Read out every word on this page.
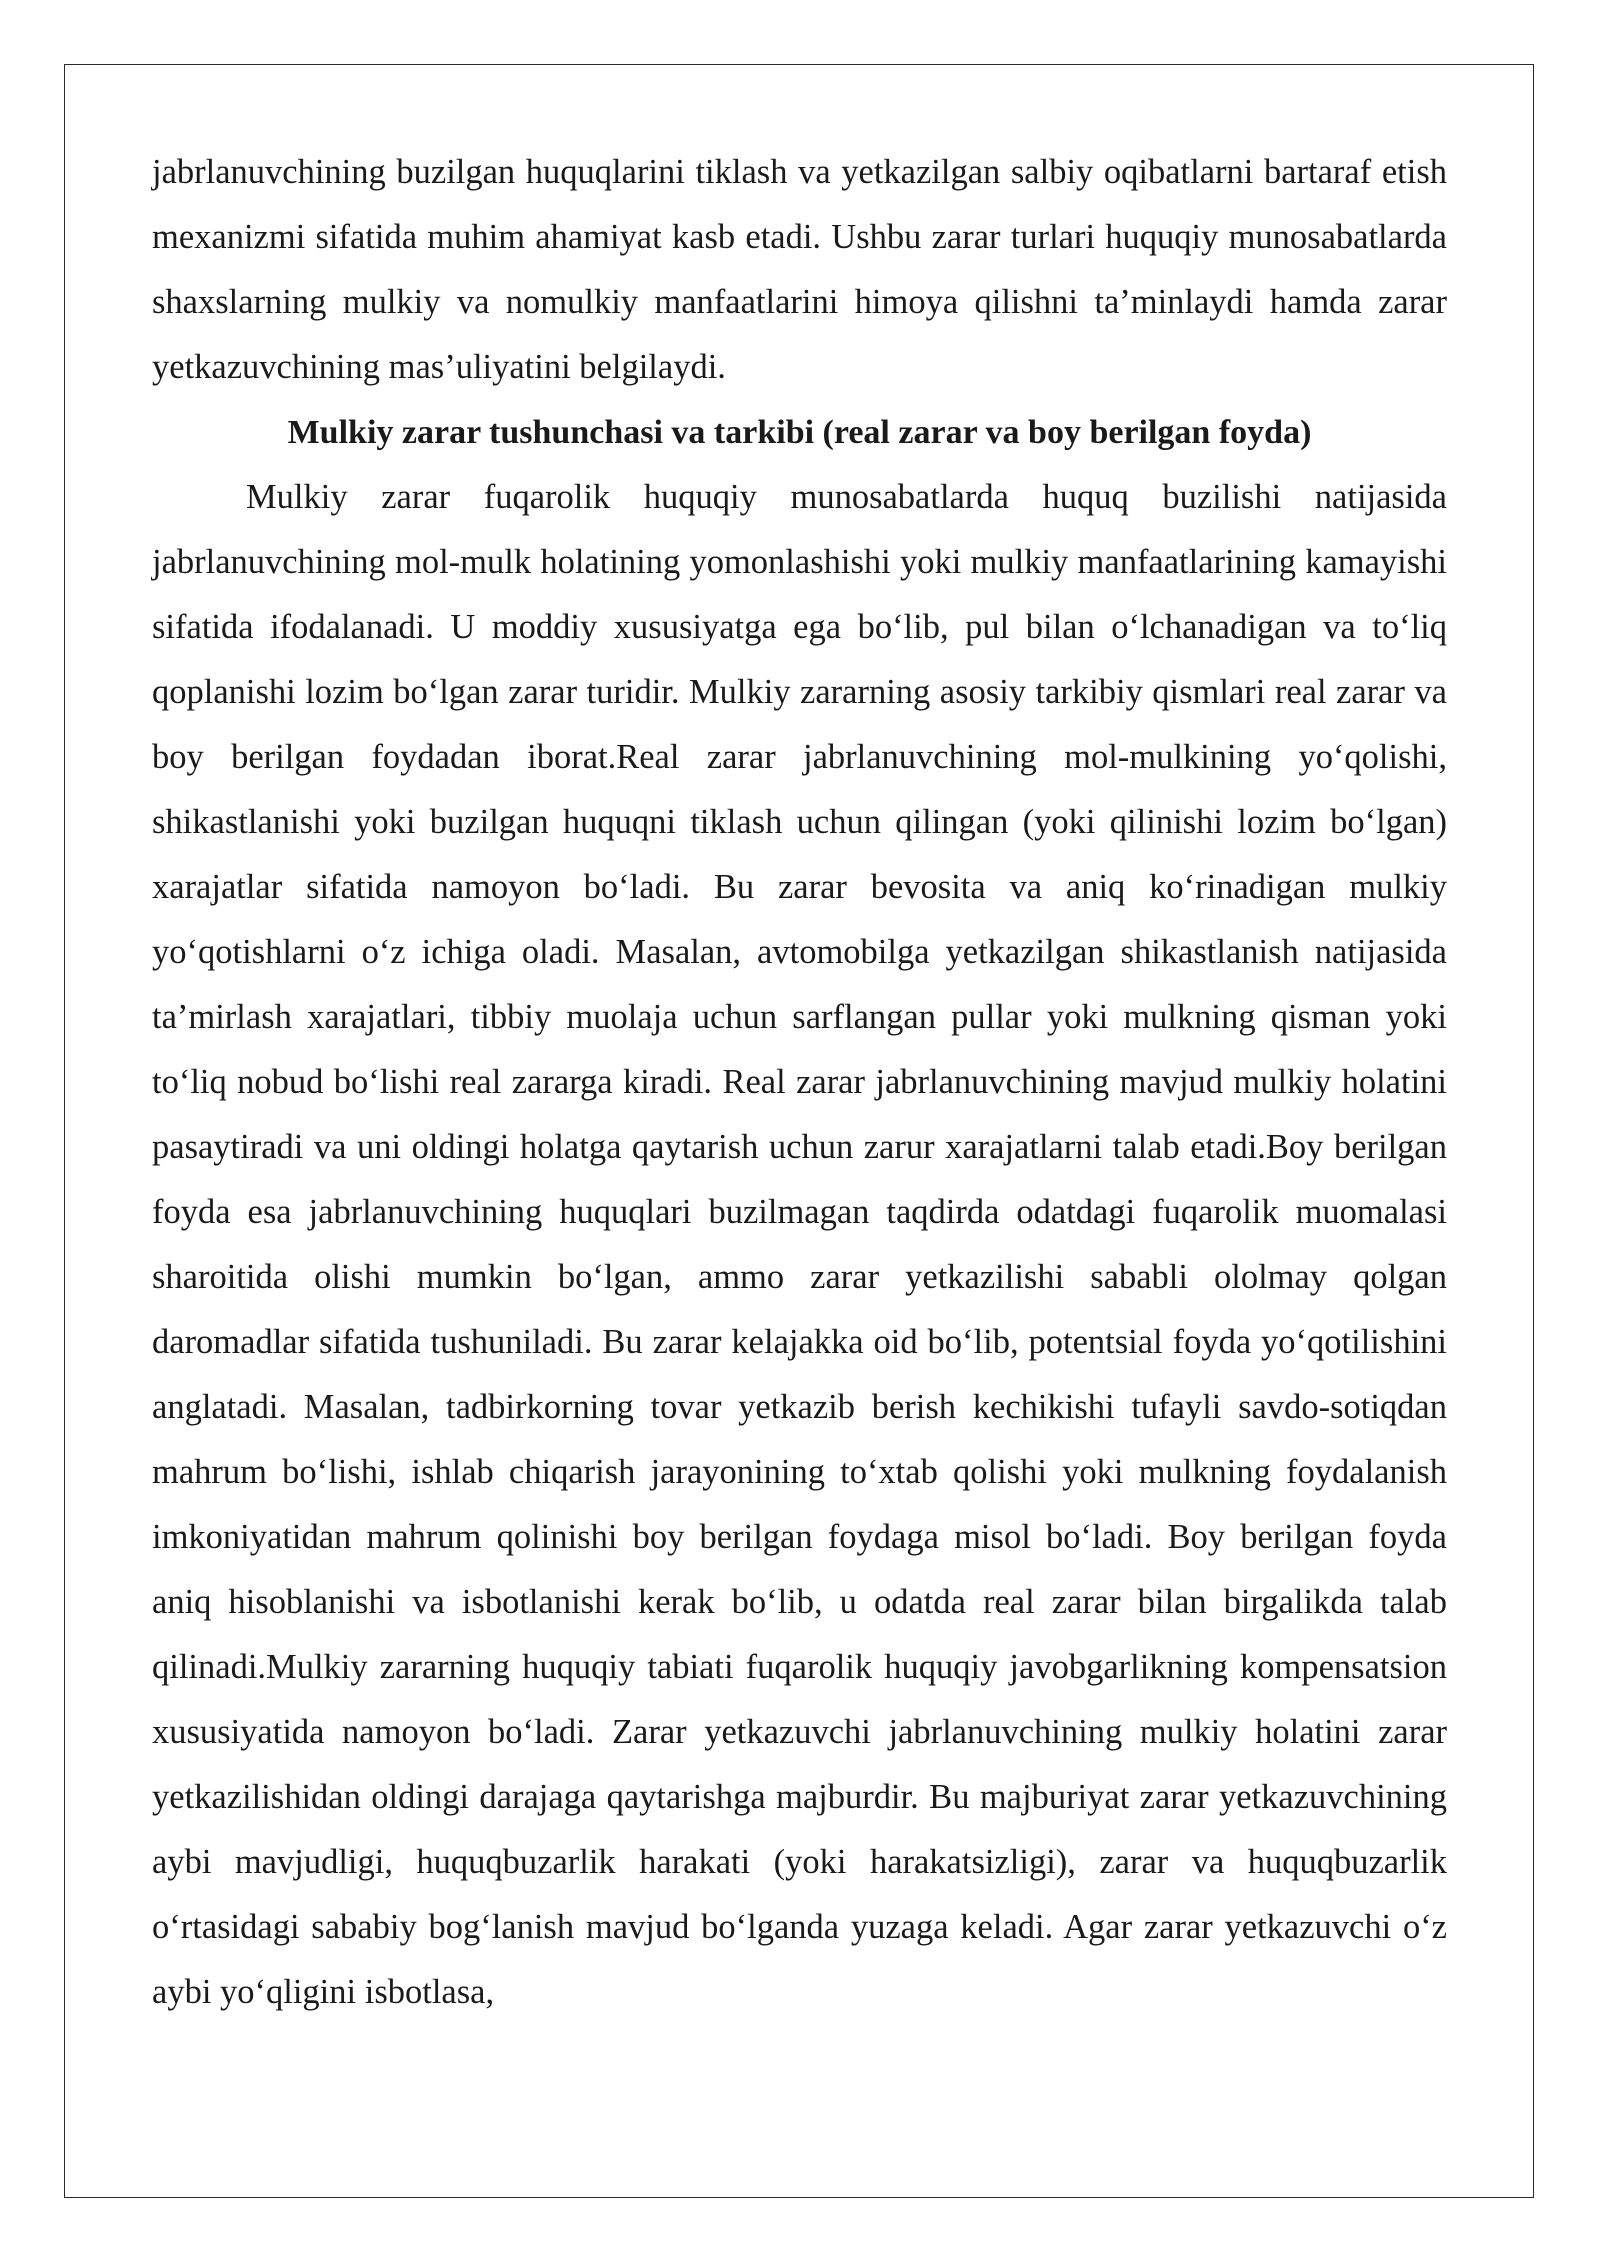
jabrlanuvchining buzilgan huquqlarini tiklash va yetkazilgan salbiy oqibatlarni bartaraf etish mexanizmi sifatida muhim ahamiyat kasb etadi. Ushbu zarar turlari huquqiy munosabatlarda shaxslarning mulkiy va nomulkiy manfaatlarini himoya qilishni ta’minlaydi hamda zarar yetkazuvchining mas’uliyatini belgilaydi.

Mulkiy zarar tushunchasi va tarkibi (real zarar va boy berilgan foyda)

Mulkiy zarar fuqarolik huquqiy munosabatlarda huquq buzilishi natijasida jabrlanuvchining mol-mulk holatining yomonlashishi yoki mulkiy manfaatlarining kamayishi sifatida ifodalanadi. U moddiy xususiyatga ega bo‘lib, pul bilan o‘lchanadigan va to‘liq qoplanishi lozim bo‘lgan zarar turidir. Mulkiy zararning asosiy tarkibiy qismlari real zarar va boy berilgan foydadan iborat.Real zarar jabrlanuvchining mol-mulkining yo‘qolishi, shikastlanishi yoki buzilgan huquqni tiklash uchun qilingan (yoki qilinishi lozim bo‘lgan) xarajatlar sifatida namoyon bo‘ladi. Bu zarar bevosita va aniq ko‘rinadigan mulkiy yo‘qotishlarni o‘z ichiga oladi. Masalan, avtomobilga yetkazilgan shikastlanish natijasida ta’mirlash xarajatlari, tibbiy muolaja uchun sarflangan pullar yoki mulkning qisman yoki to‘liq nobud bo‘lishi real zararga kiradi. Real zarar jabrlanuvchining mavjud mulkiy holatini pasaytiradi va uni oldingi holatga qaytarish uchun zarur xarajatlarni talab etadi.Boy berilgan foyda esa jabrlanuvchining huquqlari buzilmagan taqdirda odatdagi fuqarolik muomalasi sharoitida olishi mumkin bo‘lgan, ammo zarar yetkazilishi sababli ololmay qolgan daromadlar sifatida tushuniladi. Bu zarar kelajakka oid bo‘lib, potentsial foyda yo‘qotilishini anglatadi. Masalan, tadbirkorning tovar yetkazib berish kechikishi tufayli savdo-sotiqdan mahrum bo‘lishi, ishlab chiqarish jarayonining to‘xtab qolishi yoki mulkning foydalanish imkoniyatidan mahrum qolinishi boy berilgan foydaga misol bo‘ladi. Boy berilgan foyda aniq hisoblanishi va isbotlanishi kerak bo‘lib, u odatda real zarar bilan birgalikda talab qilinadi.Mulkiy zararning huquqiy tabiati fuqarolik huquqiy javobgarlikning kompensatsion xususiyatida namoyon bo‘ladi. Zarar yetkazuvchi jabrlanuvchining mulkiy holatini zarar yetkazilishidan oldingi darajaga qaytarishga majburdir. Bu majburiyat zarar yetkazuvchining aybi mavjudligi, huquqbuzarlik harakati (yoki harakatsizligi), zarar va huquqbuzarlik o‘rtasidagi sababiy bog‘lanish mavjud bo‘lganda yuzaga keladi. Agar zarar yetkazuvchi o‘z aybi yo‘qligini isbotlasa,
